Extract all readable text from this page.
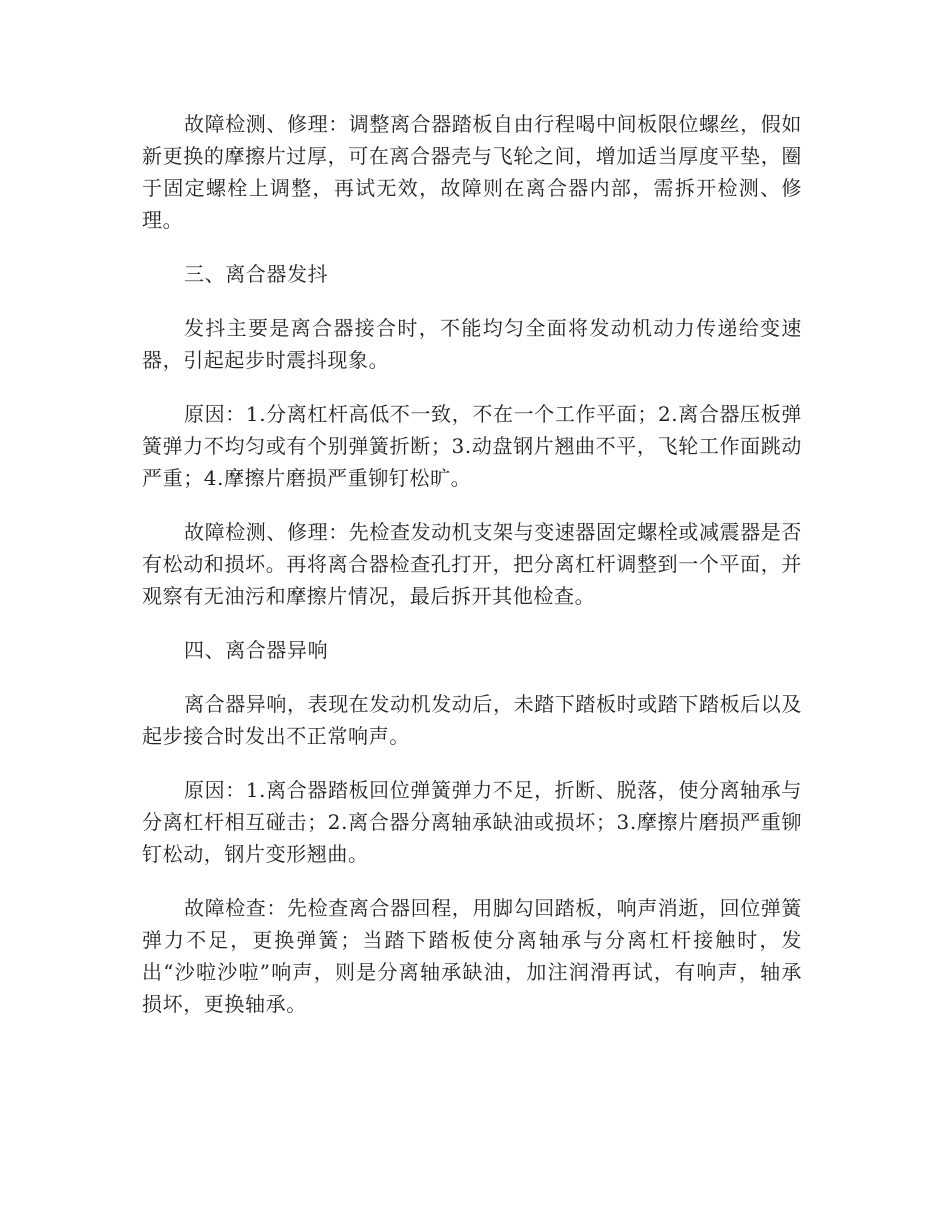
故障检测、修理：调整离合器踏板自由行程喝中间板限位螺丝，假如新更换的摩擦片过厚，可在离合器壳与飞轮之间，增加适当厚度平垫，圈于固定螺栓上调整，再试无效，故障则在离合器内部，需拆开检测、修理。

三、离合器发抖

发抖主要是离合器接合时，不能均匀全面将发动机动力传递给变速器，引起起步时震抖现象。

原因：1.分离杠杆高低不一致，不在一个工作平面；2.离合器压板弹簧弹力不均匀或有个别弹簧折断；3.动盘钢片翘曲不平，飞轮工作面跳动严重；4.摩擦片磨损严重铆钉松旷。

故障检测、修理：先检查发动机支架与变速器固定螺栓或减震器是否有松动和损坏。再将离合器检查孔打开，把分离杠杆调整到一个平面，并观察有无油污和摩擦片情况，最后拆开其他检查。

四、离合器异响

离合器异响，表现在发动机发动后，未踏下踏板时或踏下踏板后以及起步接合时发出不正常响声。

原因：1.离合器踏板回位弹簧弹力不足，折断、脱落，使分离轴承与分离杠杆相互碰击；2.离合器分离轴承缺油或损坏；3.摩擦片磨损严重铆钉松动，钢片变形翘曲。

故障检查：先检查离合器回程，用脚勾回踏板，响声消逝，回位弹簧弹力不足，更换弹簧；当踏下踏板使分离轴承与分离杠杆接触时，发出“沙啦沙啦”响声，则是分离轴承缺油，加注润滑再试，有响声，轴承损坏，更换轴承。
